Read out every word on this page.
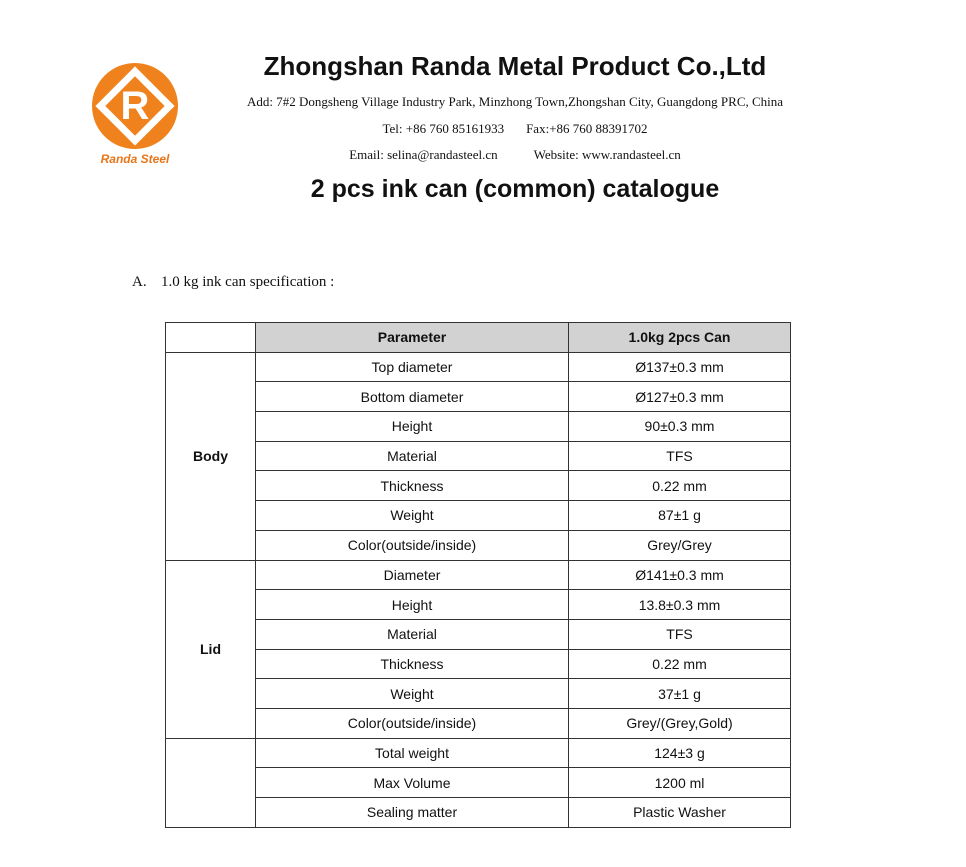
R
Randa Steel
Zhongshan Randa Metal Product Co.,Ltd
Add: 7#2 Dongsheng Village Industry Park, Minzhong Town,Zhongshan City, Guangdong PRC, China
Tel: +86 760 85161933 Fax:+86 760 88391702
Email: selina@randasteel.cn	Website: www.randasteel.cn
2 pcs ink can (common) catalogue
A. 1.0 kg ink can specification :
	Parameter	1.0kg 2pcs Can
Body	Top diameter	Ø137±0.3 mm
	Bottom diameter	Ø127±0.3 mm
	Height	90±0.3 mm
	Material	TFS
	Thickness	0.22 mm
	Weight	87±1 g
	Color(outside/inside)	Grey/Grey
Lid	Diameter	Ø141±0.3 mm
	Height	13.8±0.3 mm
	Material	TFS
	Thickness	0.22 mm
	Weight	37±1 g
	Color(outside/inside)	Grey/(Grey,Gold)
	Total weight	124±3 g
	Max Volume	1200 ml
	Sealing matter	Plastic Washer
